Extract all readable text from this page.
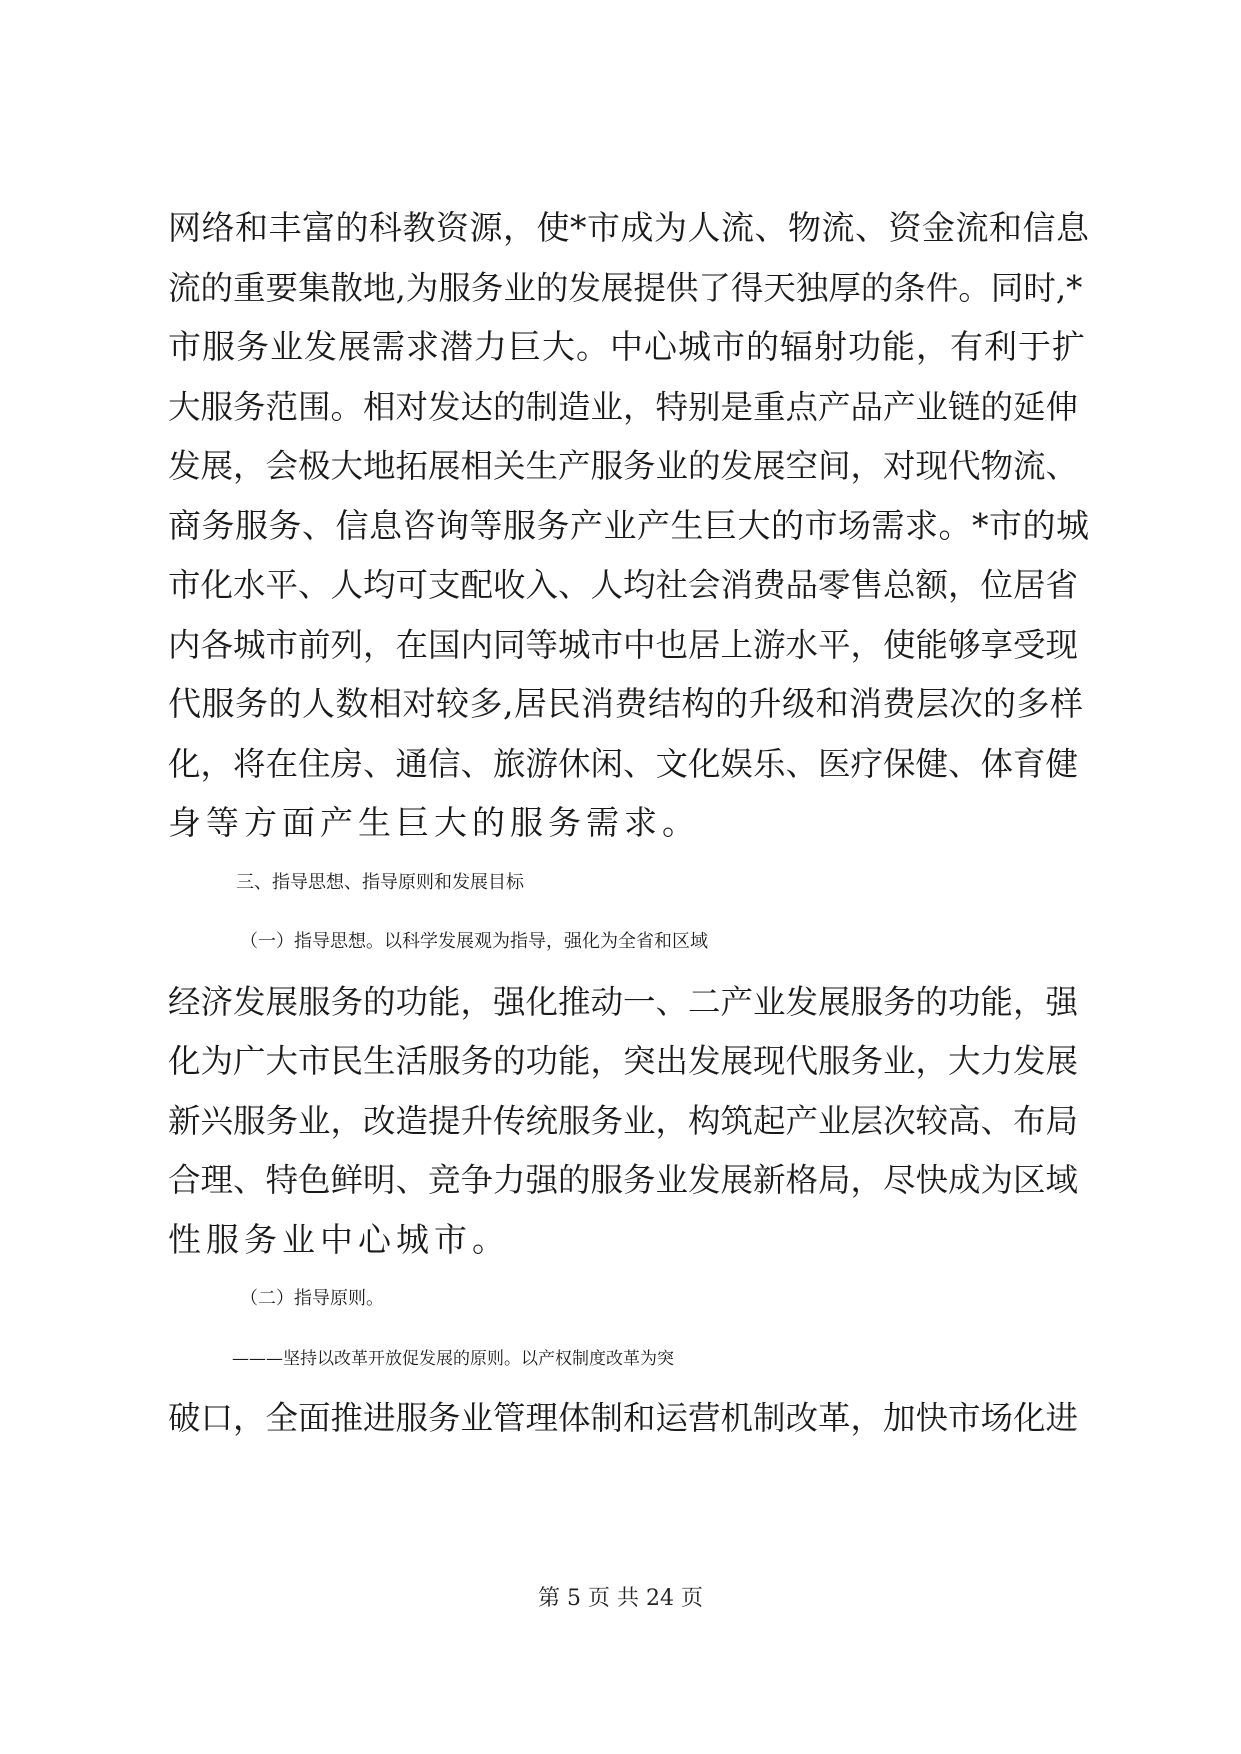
网络和丰富的科教资源，使*市成为人流、物流、资金流和信息
流的重要集散地,为服务业的发展提供了得天独厚的条件。同时,*
市服务业发展需求潜力巨大。中心城市的辐射功能，有利于扩
大服务范围。相对发达的制造业，特别是重点产品产业链的延伸
发展，会极大地拓展相关生产服务业的发展空间，对现代物流、
商务服务、信息咨询等服务产业产生巨大的市场需求。*市的城
市化水平、人均可支配收入、人均社会消费品零售总额，位居省
内各城市前列，在国内同等城市中也居上游水平，使能够享受现
代服务的人数相对较多,居民消费结构的升级和消费层次的多样
化，将在住房、通信、旅游休闲、文化娱乐、医疗保健、体育健
身等方面产生巨大的服务需求。
三、指导思想、指导原则和发展目标
（一）指导思想。以科学发展观为指导，强化为全省和区域
经济发展服务的功能，强化推动一、二产业发展服务的功能，强
化为广大市民生活服务的功能，突出发展现代服务业，大力发展
新兴服务业，改造提升传统服务业，构筑起产业层次较高、布局
合理、特色鲜明、竞争力强的服务业发展新格局，尽快成为区域
性服务业中心城市。
（二）指导原则。
———坚持以改革开放促发展的原则。以产权制度改革为突
破口，全面推进服务业管理体制和运营机制改革，加快市场化进
第 5 页 共 24 页
